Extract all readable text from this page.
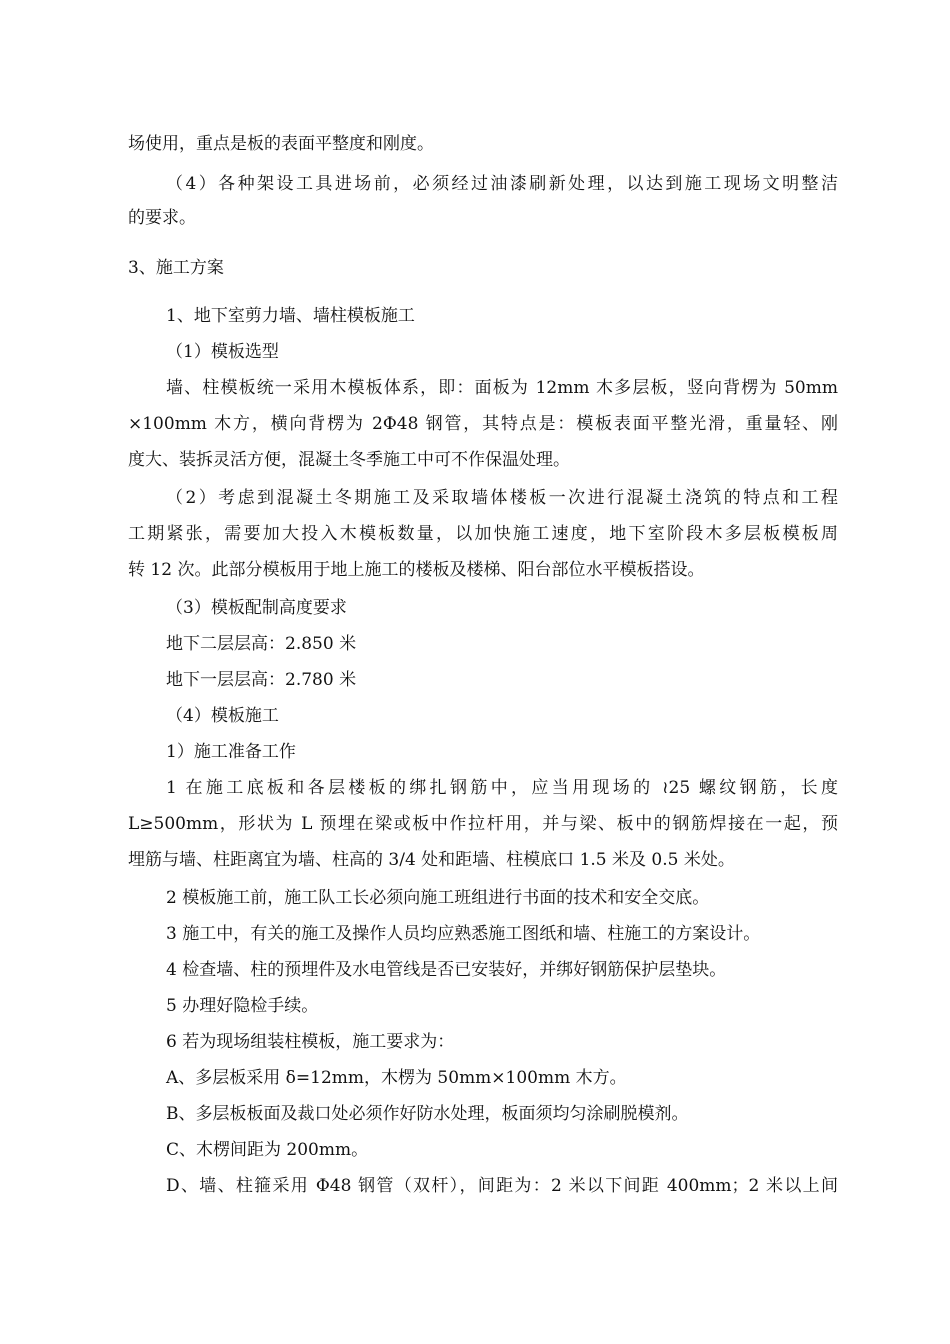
场使用，重点是板的表面平整度和刚度。
（4）各种架设工具进场前，必须经过油漆刷新处理，以达到施工现场文明整洁
的要求。
3、施工方案
1、地下室剪力墙、墙柱模板施工
（1）模板选型
墙、柱模板统一采用木模板体系，即：面板为 12mm 木多层板，竖向背楞为 50mm
×100mm 木方，横向背楞为 2Φ48 钢管，其特点是：模板表面平整光滑，重量轻、刚
度大、装拆灵活方便，混凝土冬季施工中可不作保温处理。
（2）考虑到混凝土冬期施工及采取墙体楼板一次进行混凝土浇筑的特点和工程
工期紧张，需要加大投入木模板数量，以加快施工速度，地下室阶段木多层板模板周
转 12 次。此部分模板用于地上施工的楼板及楼梯、阳台部位水平模板搭设。
（3）模板配制高度要求
地下二层层高：2.850 米
地下一层层高：2.780 米
（4）模板施工
1）施工准备工作
1 在施工底板和各层楼板的绑扎钢筋中，应当用现场的 ≀25 螺纹钢筋，长度
L≥500mm，形状为 L 预埋在梁或板中作拉杆用，并与梁、板中的钢筋焊接在一起，预
埋筋与墙、柱距离宜为墙、柱高的 3/4 处和距墙、柱模底口 1.5 米及 0.5 米处。
2 模板施工前，施工队工长必须向施工班组进行书面的技术和安全交底。
3 施工中，有关的施工及操作人员均应熟悉施工图纸和墙、柱施工的方案设计。
4 检查墙、柱的预埋件及水电管线是否已安装好，并绑好钢筋保护层垫块。
5 办理好隐检手续。
6 若为现场组装柱模板，施工要求为：
A、多层板采用 δ=12mm，木楞为 50mm×100mm 木方。
B、多层板板面及裁口处必须作好防水处理，板面须均匀涂刷脱模剂。
C、木楞间距为 200mm。
D、墙、柱箍采用 Φ48 钢管（双杆），间距为：2 米以下间距 400mm；2 米以上间
